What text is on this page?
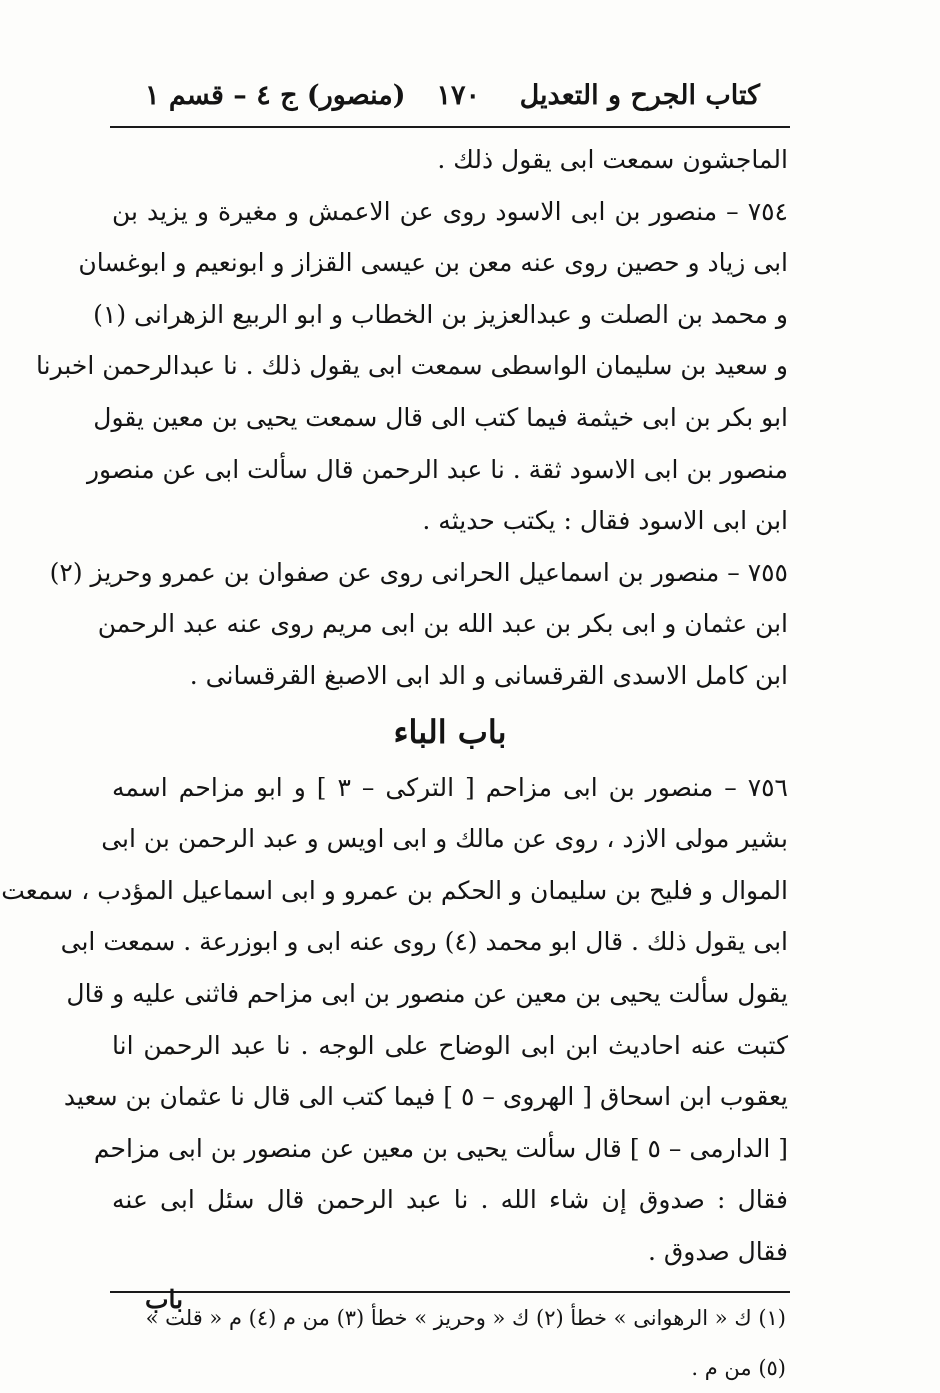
كتاب الجرح و التعديل
١٧٠
(منصور) ج ٤ – قسم ١
الماجشون سمعت ابى يقول ذلك .
٧٥٤ – منصور بن ابى الاسود روى عن الاعمش و مغيرة و يزيد بن
ابى زياد و حصين روى عنه معن بن عيسى القزاز و ابونعيم و ابوغسان
و محمد بن الصلت و عبدالعزيز بن الخطاب و ابو الربيع الزهرانى (١)
و سعيد بن سليمان الواسطى سمعت ابى يقول ذلك . نا عبدالرحمن اخبرنا
ابو بكر بن ابى خيثمة فيما كتب الى قال سمعت يحيى بن معين يقول
منصور بن ابى الاسود ثقة . نا عبد الرحمن قال سألت ابى عن منصور
ابن ابى الاسود فقال : يكتب حديثه .
٧٥٥ – منصور بن اسماعيل الحرانى روى عن صفوان بن عمرو وحريز (٢)
ابن عثمان و ابى بكر بن عبد الله بن ابى مريم روى عنه عبد الرحمن
ابن كامل الاسدى القرقسانى و الد ابى الاصبغ القرقسانى .
باب الباء
٧٥٦ – منصور بن ابى مزاحم [ التركى – ٣ ] و ابو مزاحم اسمه
بشير مولى الازد ، روى عن مالك و ابى اويس و عبد الرحمن بن ابى
الموال و فليح بن سليمان و الحكم بن عمرو و ابى اسماعيل المؤدب ، سمعت
ابى يقول ذلك . قال ابو محمد (٤) روى عنه ابى و ابوزرعة . سمعت ابى
يقول سألت يحيى بن معين عن منصور بن ابى مزاحم فاثنى عليه و قال
كتبت عنه احاديث ابن ابى الوضاح على الوجه . نا عبد الرحمن انا
يعقوب ابن اسحاق [ الهروى – ٥ ] فيما كتب الى قال نا عثمان بن سعيد
[ الدارمى – ٥ ] قال سألت يحيى بن معين عن منصور بن ابى مزاحم
فقال : صدوق إن شاء الله . نا عبد الرحمن قال سئل ابى عنه
فقال صدوق .
(١) ك « الرهوانى » خطأ (٢) ك « وحريز » خطأ (٣) من م (٤) م « قلت »
(٥) من م .
باب
